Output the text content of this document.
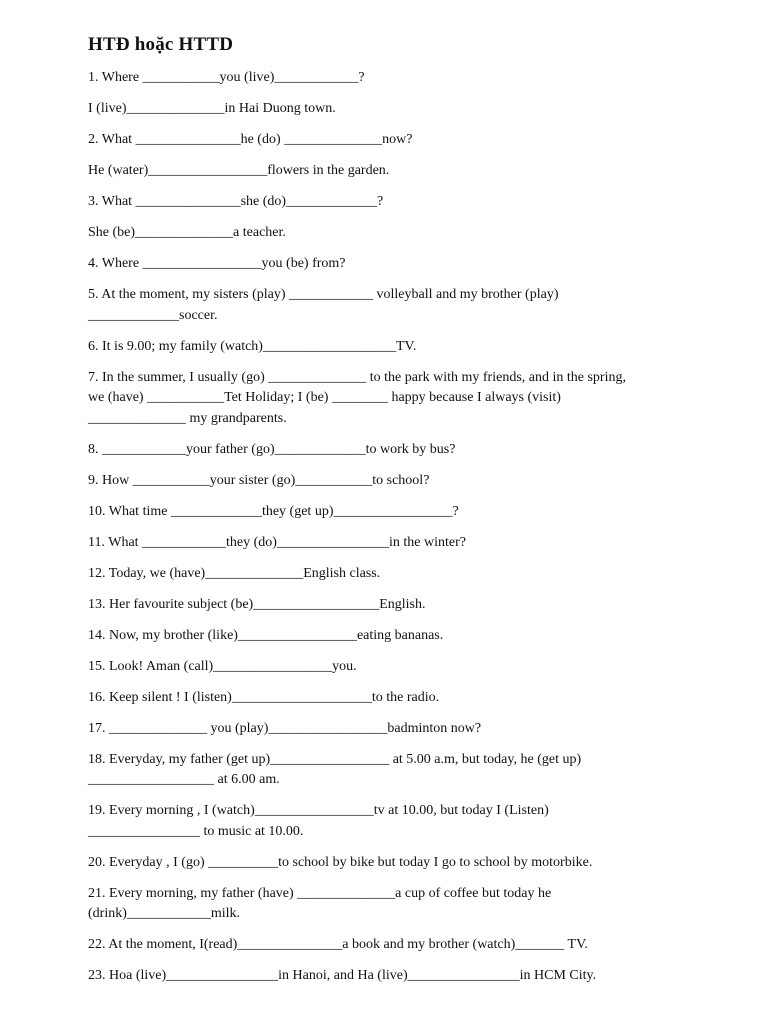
HTĐ hoặc HTTD
1. Where ___________you (live)____________?
I (live)______________in Hai Duong town.
2. What _______________he (do) ______________now?
He (water)_________________flowers in the garden.
3. What _______________she (do)_____________?
She (be)______________a teacher.
4. Where _________________you (be) from?
5. At the moment, my sisters (play) ____________ volleyball and my brother (play)
_____________soccer.
6. It is 9.00; my family (watch)___________________TV.
7. In the summer, I usually (go) ______________ to the park with my friends, and in the spring,
we (have) ___________Tet Holiday; I (be) ________ happy because I always (visit)
______________ my grandparents.
8. ____________your father (go)_____________to work by bus?
9. How ___________your sister (go)___________to school?
10. What time _____________they (get up)_________________?
11. What ____________they (do)________________in the winter?
12. Today, we (have)______________English class.
13. Her favourite subject (be)__________________English.
14. Now, my brother (like)_________________eating bananas.
15. Look! Aman (call)_________________you.
16. Keep silent ! I (listen)____________________to the radio.
17. ______________ you (play)_________________badminton now?
18. Everyday, my father (get up)_________________ at 5.00 a.m, but today, he (get up)
__________________ at 6.00 am.
19. Every morning , I (watch)_________________tv at 10.00, but today I (Listen)
________________ to music at 10.00.
20. Everyday , I (go) __________to school by bike but today I go to school by motorbike.
21. Every morning, my father (have) ______________a cup of coffee but today he
(drink)____________milk.
22. At the moment, I(read)_______________a book and my brother (watch)_______ TV.
23. Hoa (live)________________in Hanoi, and Ha (live)________________in HCM City.
